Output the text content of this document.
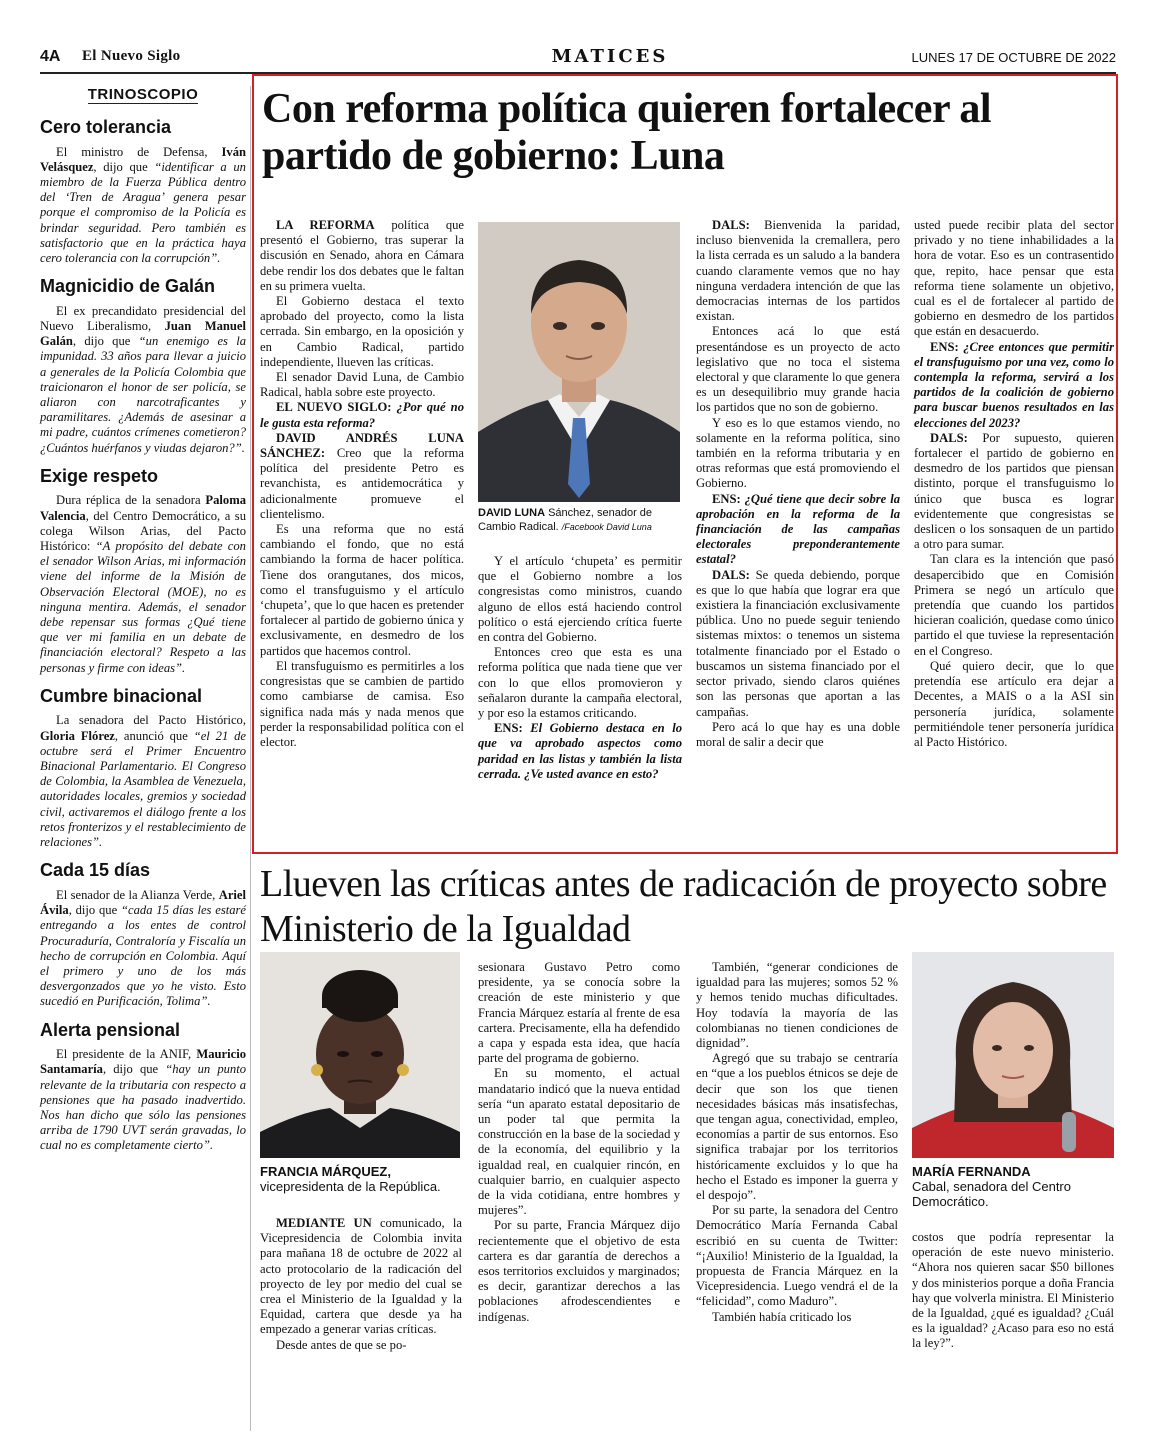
4A El Nuevo Siglo	MATICES	LUNES 17 DE OCTUBRE DE 2022
TRINOSCOPIO
Cero tolerancia
El ministro de Defensa, Iván Velásquez, dijo que “identificar a un miembro de la Fuerza Pública dentro del ‘Tren de Aragua’ genera pesar porque el compromiso de la Policía es brindar seguridad. Pero también es satisfactorio que en la práctica haya cero tolerancia con la corrupción”.
Magnicidio de Galán
El ex precandidato presidencial del Nuevo Liberalismo, Juan Manuel Galán, dijo que “un enemigo es la impunidad. 33 años para llevar a juicio a generales de la Policía Colombia que traicionaron el honor de ser policía, se aliaron con narcotraficantes y paramilitares. ¿Además de asesinar a mi padre, cuántos crímenes cometieron? ¿Cuántos huérfanos y viudas dejaron?”.
Exige respeto
Dura réplica de la senadora Paloma Valencia, del Centro Democrático, a su colega Wilson Arias, del Pacto Histórico: “A propósito del debate con el senador Wilson Arias, mi información viene del informe de la Misión de Observación Electoral (MOE), no es ninguna mentira. Además, el senador debe repensar sus formas ¿Qué tiene que ver mi familia en un debate de financiación electoral? Respeto a las personas y firme con ideas”.
Cumbre binacional
La senadora del Pacto Histórico, Gloria Flórez, anunció que “el 21 de octubre será el Primer Encuentro Binacional Parlamentario. El Congreso de Colombia, la Asamblea de Venezuela, autoridades locales, gremios y sociedad civil, activaremos el diálogo frente a los retos fronterizos y el restablecimiento de relaciones”.
Cada 15 días
El senador de la Alianza Verde, Ariel Ávila, dijo que “cada 15 días les estaré entregando a los entes de control Procuraduría, Contraloría y Fiscalía un hecho de corrupción en Colombia. Aquí el primero y uno de los más desvergonzados que yo he visto. Esto sucedió en Purificación, Tolima”.
Alerta pensional
El presidente de la ANIF, Mauricio Santamaría, dijo que “hay un punto relevante de la tributaria con respecto a pensiones que ha pasado inadvertido. Nos han dicho que sólo las pensiones arriba de 1790 UVT serán gravadas, lo cual no es completamente cierto”.
Con reforma política quieren fortalecer al partido de gobierno: Luna

LA REFORMA política que presentó el Gobierno, tras superar la discusión en Senado, ahora en Cámara debe rendir los dos debates que le faltan en su primera vuelta.

El Gobierno destaca el texto aprobado del proyecto, como la lista cerrada. Sin embargo, en la oposición y en Cambio Radical, partido independiente, llueven las críticas.

El senador David Luna, de Cambio Radical, habla sobre este proyecto.

EL NUEVO SIGLO: ¿Por qué no le gusta esta reforma?

DAVID ANDRÉS LUNA SÁNCHEZ: Creo que la reforma política del presidente Petro es revanchista, es antidemocrática y adicionalmente promueve el clientelismo.

Es una reforma que no está cambiando el fondo, que no está cambiando la forma de hacer política. Tiene dos orangutanes, dos micos, como el transfuguismo y el artículo ‘chupeta’, que lo que hacen es pretender fortalecer al partido de gobierno única y exclusivamente, en desmedro de los partidos que hacemos control.

El transfuguismo es permitirles a los congresistas que se cambien de partido como cambiarse de camisa. Eso significa nada más y nada menos que perder la responsabilidad política con el elector.

DAVID LUNA Sánchez, senador de Cambio Radical. /Facebook David Luna

Y el artículo ‘chupeta’ es permitir que el Gobierno nombre a los congresistas como ministros, cuando alguno de ellos está haciendo control político o está ejerciendo crítica fuerte en contra del Gobierno.

Entonces creo que esta es una reforma política que nada tiene que ver con lo que ellos promovieron y señalaron durante la campaña electoral, y por eso la estamos criticando.

ENS: El Gobierno destaca en lo que va aprobado aspectos como paridad en las listas y también la lista cerrada. ¿Ve usted avance en esto?

DALS: Bienvenida la paridad, incluso bienvenida la cremallera, pero la lista cerrada es un saludo a la bandera cuando claramente vemos que no hay ninguna verdadera intención de que las democracias internas de los partidos existan.

Entonces acá lo que está presentándose es un proyecto de acto legislativo que no toca el sistema electoral y que claramente lo que genera es un desequilibrio muy grande hacia los partidos que no son de gobierno.

Y eso es lo que estamos viendo, no solamente en la reforma política, sino también en la reforma tributaria y en otras reformas que está promoviendo el Gobierno.

ENS: ¿Qué tiene que decir sobre la aprobación en la reforma de la financiación de las campañas electorales preponderantemente estatal?

DALS: Se queda debiendo, porque es que lo que había que lograr era que existiera la financiación exclusivamente pública. Uno no puede seguir teniendo sistemas mixtos: o tenemos un sistema totalmente financiado por el Estado o buscamos un sistema financiado por el sector privado, siendo claros quiénes son las personas que aportan a las campañas.

Pero acá lo que hay es una doble moral de salir a decir que

usted puede recibir plata del sector privado y no tiene inhabilidades a la hora de votar. Eso es un contrasentido que, repito, hace pensar que esta reforma tiene solamente un objetivo, cual es el de fortalecer al partido de gobierno en desmedro de los partidos que están en desacuerdo.

ENS: ¿Cree entonces que permitir el transfuguismo por una vez, como lo contempla la reforma, servirá a los partidos de la coalición de gobierno para buscar buenos resultados en las elecciones del 2023?

DALS: Por supuesto, quieren fortalecer el partido de gobierno en desmedro de los partidos que piensan distinto, porque el transfuguismo lo único que busca es lograr evidentemente que congresistas se deslicen o los sonsaquen de un partido a otro para sumar.

Tan clara es la intención que pasó desapercibido que en Comisión Primera se negó un artículo que pretendía que cuando los partidos hicieran coalición, quedase como único partido el que tuviese la representación en el Congreso.

Qué quiero decir, que lo que pretendía ese artículo era dejar a Decentes, a MAIS o a la ASI sin personería jurídica, solamente permitiéndole tener personería jurídica al Pacto Histórico.

Llueven las críticas antes de radicación de proyecto sobre Ministerio de la Igualdad
FRANCIA MÁRQUEZ,
vicepresidenta de la República.
MARÍA FERNANDA
Cabal, senadora del Centro Democrático.

MEDIANTE UN comunicado, la Vicepresidencia de Colombia invita para mañana 18 de octubre de 2022 al acto protocolario de la radicación del proyecto de ley por medio del cual se crea el Ministerio de la Igualdad y la Equidad, cartera que desde ya ha empezado a generar varias críticas.

Desde antes de que se po-

sesionara Gustavo Petro como presidente, ya se conocía sobre la creación de este ministerio y que Francia Márquez estaría al frente de esa cartera. Precisamente, ella ha defendido a capa y espada esta idea, que hacía parte del programa de gobierno.

En su momento, el actual mandatario indicó que la nueva entidad sería “un aparato estatal depositario de un poder tal que permita la construcción en la base de la sociedad y de la economía, del equilibrio y la igualdad real, en cualquier rincón, en cualquier barrio, en cualquier aspecto de la vida cotidiana, entre hombres y mujeres”.

Por su parte, Francia Márquez dijo recientemente que el objetivo de esta cartera es dar garantía de derechos a esos territorios excluidos y marginados; es decir, garantizar derechos a las poblaciones afrodescendientes e indígenas.

También, “generar condiciones de igualdad para las mujeres; somos 52 % y hemos tenido muchas dificultades. Hoy todavía la mayoría de las colombianas no tienen condiciones de dignidad”.

Agregó que su trabajo se centraría en “que a los pueblos étnicos se deje de decir que son los que tienen necesidades básicas más insatisfechas, que tengan agua, conectividad, empleo, economías a partir de sus entornos. Eso significa trabajar por los territorios históricamente excluidos y lo que ha hecho el Estado es imponer la guerra y el despojo”.

Por su parte, la senadora del Centro Democrático María Fernanda Cabal escribió en su cuenta de Twitter: “¡Auxilio! Ministerio de la Igualdad, la propuesta de Francia Márquez en la Vicepresidencia. Luego vendrá el de la “felicidad”, como Maduro”.

También había criticado los

costos que podría representar la operación de este nuevo ministerio. “Ahora nos quieren sacar $50 billones y dos ministerios porque a doña Francia hay que volverla ministra. El Ministerio de la Igualdad, ¿qué es igualdad? ¿Cuál es la igualdad? ¿Acaso para eso no está la ley?”.
